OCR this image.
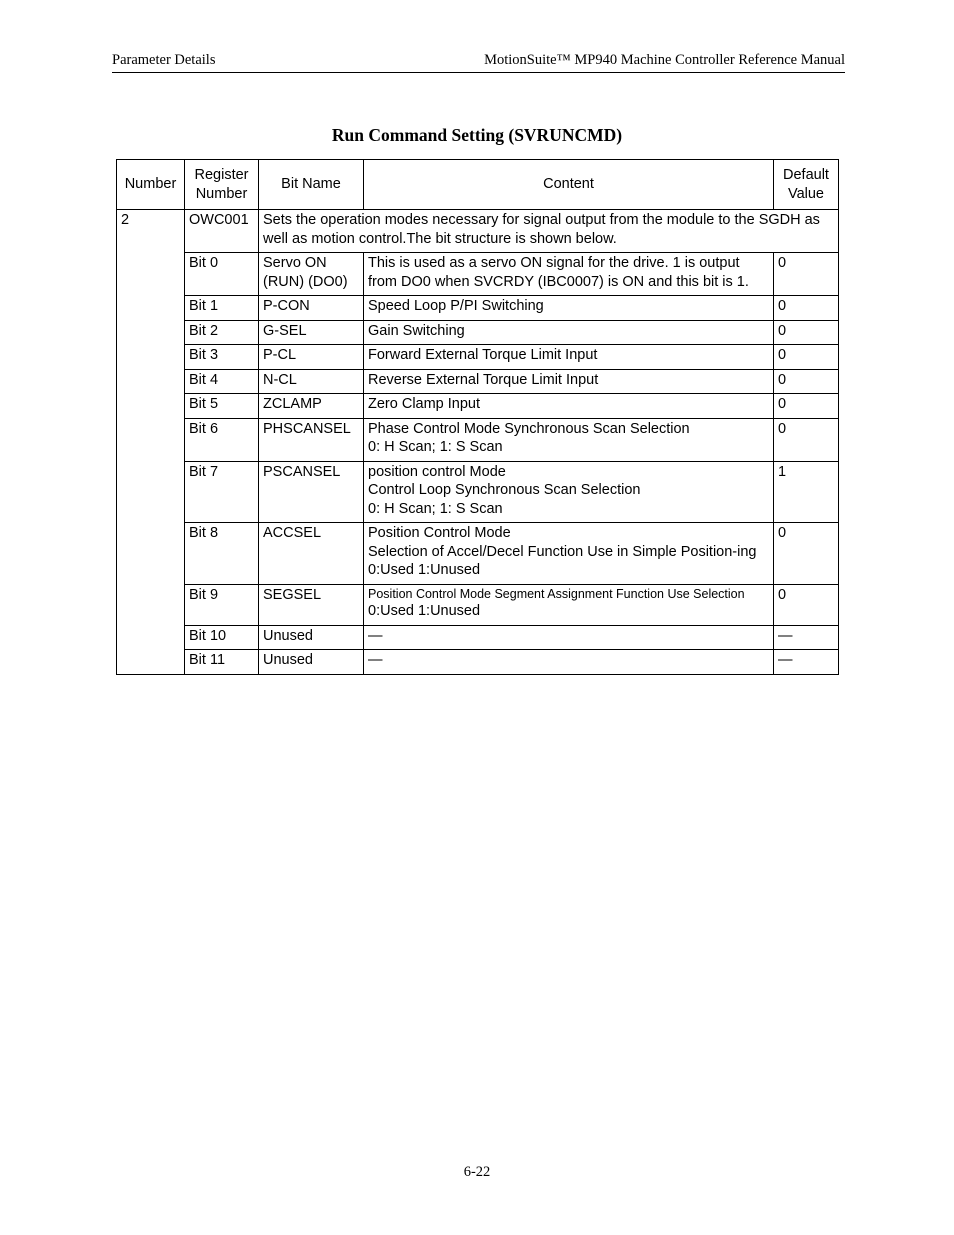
Parameter Details	MotionSuite™ MP940 Machine Controller Reference Manual
Run Command Setting (SVRUNCMD)
Number	Register Number	Bit Name	Content	Default Value
2	OWC001	Sets the operation modes necessary for signal output from the module to the SGDH as well as motion control.The bit structure is shown below.		
	Bit 0	Servo ON (RUN) (DO0)	This is used as a servo ON signal for the drive. 1 is output from DO0 when SVCRDY (IBC0007) is ON and this bit is 1.	0
	Bit 1	P-CON	Speed Loop P/PI Switching	0
	Bit 2	G-SEL	Gain Switching	0
	Bit 3	P-CL	Forward External Torque Limit Input	0
	Bit 4	N-CL	Reverse External Torque Limit Input	0
	Bit 5	ZCLAMP	Zero Clamp Input	0
	Bit 6	PHSCANSEL	Phase Control Mode Synchronous Scan Selection
0: H Scan; 1: S Scan	0
	Bit 7	PSCANSEL	position control Mode
Control Loop Synchronous Scan Selection
0: H Scan; 1: S Scan	1
	Bit 8	ACCSEL	Position Control Mode
Selection of Accel/Decel Function Use in Simple Position-ing
0:Used 1:Unused	0
	Bit 9	SEGSEL	Position Control Mode Segment Assignment Function Use Selection
0:Used 1:Unused	0
	Bit 10	Unused	—	—
	Bit 11	Unused	—	—
6-22
